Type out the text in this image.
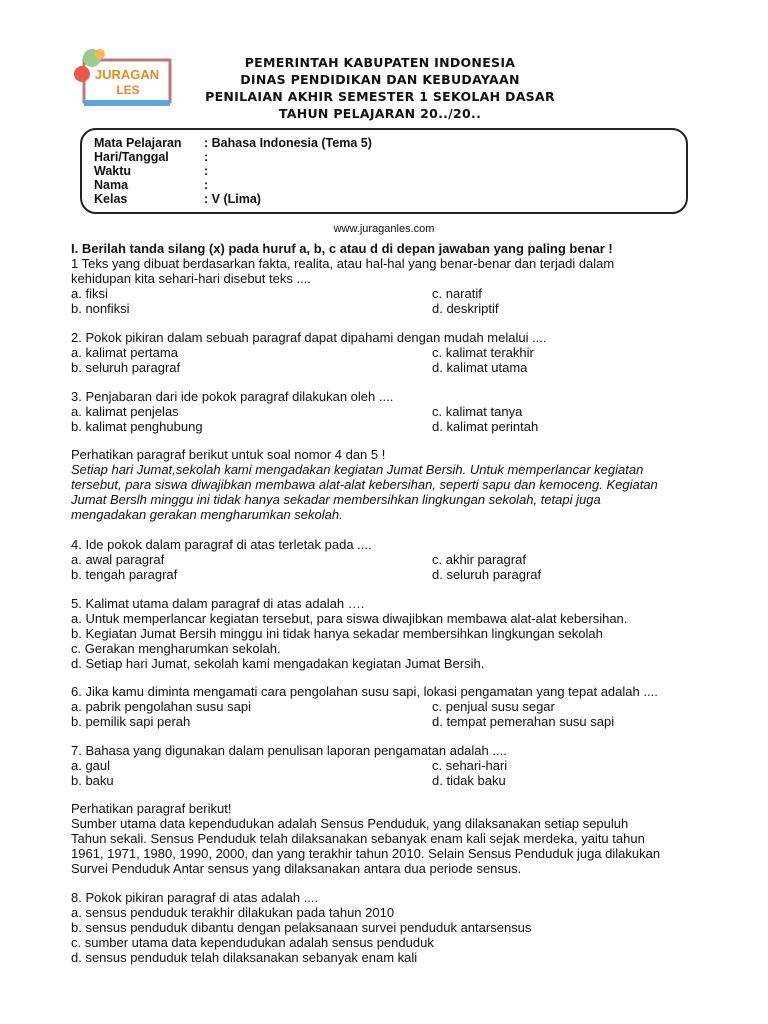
JURAGAN
LES
PEMERINTAH KABUPATEN INDONESIA
DINAS PENDIDIKAN DAN KEBUDAYAAN
PENILAIAN AKHIR SEMESTER 1 SEKOLAH DASAR
TAHUN PELAJARAN 20../20..
Mata Pelajaran : Bahasa Indonesia (Tema 5)
Hari/Tanggal	:
Waktu	:
Nama	:
Kelas	: V (Lima)
www.juraganles.com
I. Berilah tanda silang (x) pada huruf a, b, c atau d di depan jawaban yang paling benar !
1 Teks yang dibuat berdasarkan fakta, realita, atau hal-hal yang benar-benar dan terjadi dalam
kehidupan kita sehari-hari disebut teks ....
a. fiksi	c. naratif
b. nonfiksi	d. deskriptif
2. Pokok pikiran dalam sebuah paragraf dapat dipahami dengan mudah melalui ....
a. kalimat pertama	c. kalimat terakhir
b. seluruh paragraf	d. kalimat utama
3. Penjabaran dari ide pokok paragraf dilakukan oleh ....
a. kalimat penjelas	c. kalimat tanya
b. kalimat penghubung	d. kalimat perintah
Perhatikan paragraf berikut untuk soal nomor 4 dan 5 !
Setiap hari Jumat,sekolah kami mengadakan kegiatan Jumat Bersih. Untuk memperlancar kegiatan
tersebut, para siswa diwajibkan membawa alat-alat kebersihan, seperti sapu dan kemoceng. Kegiatan
Jumat Berslh minggu ini tidak hanya sekadar membersihkan lingkungan sekolah, tetapi juga
mengadakan gerakan mengharumkan sekolah.
4. Ide pokok dalam paragraf di atas terletak pada ....
a. awal paragraf	c. akhir paragraf
b. tengah paragraf	d. seluruh paragraf
5. Kalimat utama dalam paragraf di atas adalah ….
a. Untuk memperlancar kegiatan tersebut, para siswa diwajibkan membawa alat-alat kebersihan.
b. Kegiatan Jumat Bersih minggu ini tidak hanya sekadar membersihkan lingkungan sekolah
c. Gerakan mengharumkan sekolah.
d. Setiap hari Jumat, sekolah kami mengadakan kegiatan Jumat Bersih.
6. Jika kamu diminta mengamati cara pengolahan susu sapi, lokasi pengamatan yang tepat adalah ....
a. pabrik pengolahan susu sapi	c. penjual susu segar
b. pemilik sapi perah	d. tempat pemerahan susu sapi
7. Bahasa yang digunakan dalam penulisan laporan pengamatan adalah ....
a. gaul	c. sehari-hari
b. baku	d. tidak baku
Perhatikan paragraf berikut!
Sumber utama data kependudukan adalah Sensus Penduduk, yang dilaksanakan setiap sepuluh
Tahun sekali. Sensus Penduduk telah dilaksanakan sebanyak enam kali sejak merdeka, yaitu tahun
1961, 1971, 1980, 1990, 2000, dan yang terakhir tahun 2010. Selain Sensus Penduduk juga dilakukan
Survei Penduduk Antar sensus yang dilaksanakan antara dua periode sensus.
8. Pokok pikiran paragraf di atas adalah ....
a. sensus penduduk terakhir dilakukan pada tahun 2010
b. sensus penduduk dibantu dengan pelaksanaan survei penduduk antarsensus
c. sumber utama data kependudukan adalah sensus penduduk
d. sensus penduduk telah dilaksanakan sebanyak enam kali
